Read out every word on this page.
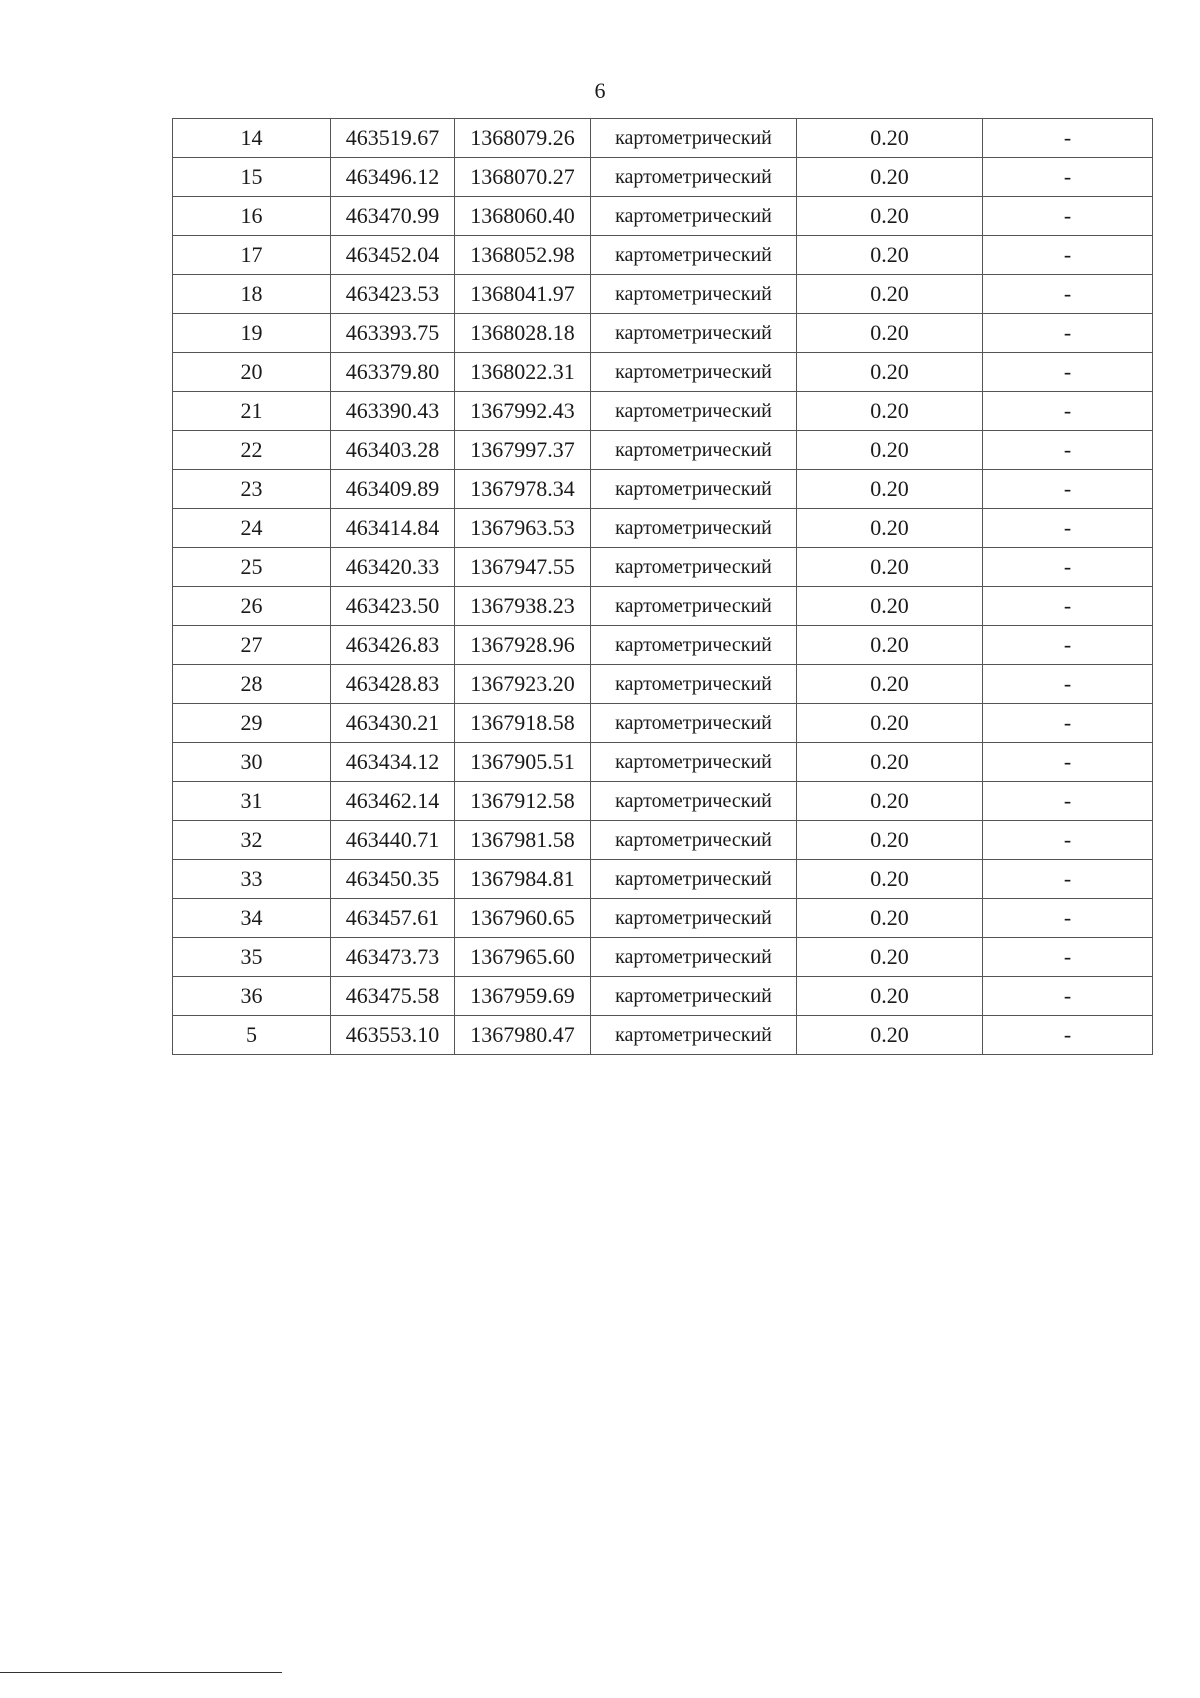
6
14	463519.67	1368079.26	картометрический	0.20	-
15	463496.12	1368070.27	картометрический	0.20	-
16	463470.99	1368060.40	картометрический	0.20	-
17	463452.04	1368052.98	картометрический	0.20	-
18	463423.53	1368041.97	картометрический	0.20	-
19	463393.75	1368028.18	картометрический	0.20	-
20	463379.80	1368022.31	картометрический	0.20	-
21	463390.43	1367992.43	картометрический	0.20	-
22	463403.28	1367997.37	картометрический	0.20	-
23	463409.89	1367978.34	картометрический	0.20	-
24	463414.84	1367963.53	картометрический	0.20	-
25	463420.33	1367947.55	картометрический	0.20	-
26	463423.50	1367938.23	картометрический	0.20	-
27	463426.83	1367928.96	картометрический	0.20	-
28	463428.83	1367923.20	картометрический	0.20	-
29	463430.21	1367918.58	картометрический	0.20	-
30	463434.12	1367905.51	картометрический	0.20	-
31	463462.14	1367912.58	картометрический	0.20	-
32	463440.71	1367981.58	картометрический	0.20	-
33	463450.35	1367984.81	картометрический	0.20	-
34	463457.61	1367960.65	картометрический	0.20	-
35	463473.73	1367965.60	картометрический	0.20	-
36	463475.58	1367959.69	картометрический	0.20	-
5	463553.10	1367980.47	картометрический	0.20	-
